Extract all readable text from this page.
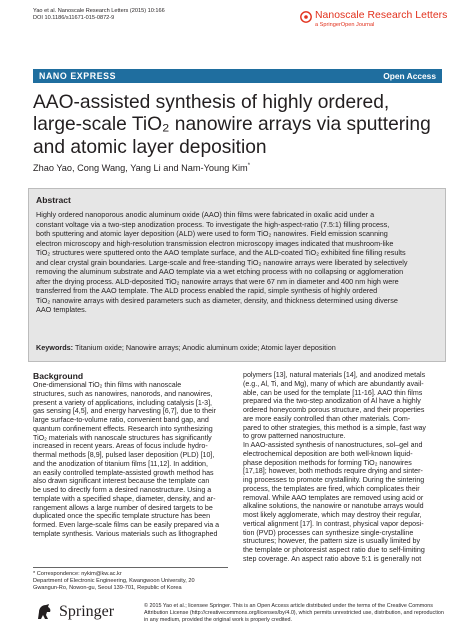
Yao et al. Nanoscale Research Letters (2015) 10:166
DOI 10.1186/s11671-015-0872-9	Nanoscale Research Letters
a SpringerOpen Journal
NANO EXPRESS	Open Access
AAO-assisted synthesis of highly ordered, large-scale TiO₂ nanowire arrays via sputtering and atomic layer deposition
Zhao Yao, Cong Wang, Yang Li and Nam-Young Kim*
Abstract
Highly ordered nanoporous anodic aluminum oxide (AAO) thin films were fabricated in oxalic acid under a
constant voltage via a two-step anodization process. To investigate the high-aspect-ratio (7.5:1) filling process,
both sputtering and atomic layer deposition (ALD) were used to form TiO₂ nanowires. Field emission scanning
electron microscopy and high-resolution transmission electron microscopy images indicated that mushroom-like
TiO₂ structures were sputtered onto the AAO template surface, and the ALD-coated TiO₂ exhibited fine filling results
and clear crystal grain boundaries. Large-scale and free-standing TiO₂ nanowire arrays were liberated by selectively
removing the aluminum substrate and AAO template via a wet etching process with no collapsing or agglomeration
after the drying process. ALD-deposited TiO₂ nanowire arrays that were 67 nm in diameter and 400 nm high were
transferred from the AAO template. The ALD process enabled the rapid, simple synthesis of highly ordered
TiO₂ nanowire arrays with desired parameters such as diameter, density, and thickness determined using diverse
AAO templates.
Keywords: Titanium oxide; Nanowire arrays; Anodic aluminum oxide; Atomic layer deposition
Background
One-dimensional TiO₂ thin films with nanoscale
structures, such as nanowires, nanorods, and nanowires,
present a variety of applications, including catalysis [1-3],
gas sensing [4,5], and energy harvesting [6,7], due to their
large surface-to-volume ratio, convenient band gap, and
quantum confinement effects. Research into synthesizing
TiO₂ materials with nanoscale structures has significantly
increased in recent years. Areas of focus include hydro-
thermal methods [8,9], pulsed laser deposition (PLD) [10],
and the anodization of titanium films [11,12]. In addition,
an easily controlled template-assisted growth method has
also drawn significant interest because the template can
be used to directly form a desired nanostructure. Using a
template with a specified shape, diameter, density, and ar-
rangement allows a large number of desired targets to be
duplicated once the specific template structure has been
formed. Even large-scale films can be easily prepared via a
template synthesis. Various materials such as lithographed
polymers [13], natural materials [14], and anodized metals
(e.g., Al, Ti, and Mg), many of which are abundantly avail-
able, can be used for the template [11-16]. AAO thin films
prepared via the two-step anodization of Al have a highly
ordered honeycomb porous structure, and their properties
are more easily controlled than other materials. Com-
pared to other strategies, this method is a simple, fast way
to grow patterned nanostructure.
In AAO-assisted synthesis of nanostructures, sol–gel and
electrochemical deposition are both well-known liquid-
phase deposition methods for forming TiO₂ nanowires
[17,18]; however, both methods require drying and sinter-
ing processes to promote crystallinity. During the sintering
process, the templates are fired, which complicates their
removal. While AAO templates are removed using acid or
alkaline solutions, the nanowire or nanotube arrays would
most likely agglomerate, which may destroy their regular,
vertical alignment [17]. In contrast, physical vapor deposi-
tion (PVD) processes can synthesize single-crystalline
structures; however, the pattern size is usually limited by
the template or photoresist aspect ratio due to self-limiting
step coverage. An aspect ratio above 5:1 is generally not
* Correspondence: nykim@kw.ac.kr
Department of Electronic Engineering, Kwangwoon University, 20
Gwangun-Ro, Nowon-gu, Seoul 139-701, Republic of Korea
Springer	© 2015 Yao et al.; licensee Springer. This is an Open Access article distributed under the terms of the Creative Commons
Attribution License (http://creativecommons.org/licenses/by/4.0), which permits unrestricted use, distribution, and reproduction
in any medium, provided the original work is properly credited.
